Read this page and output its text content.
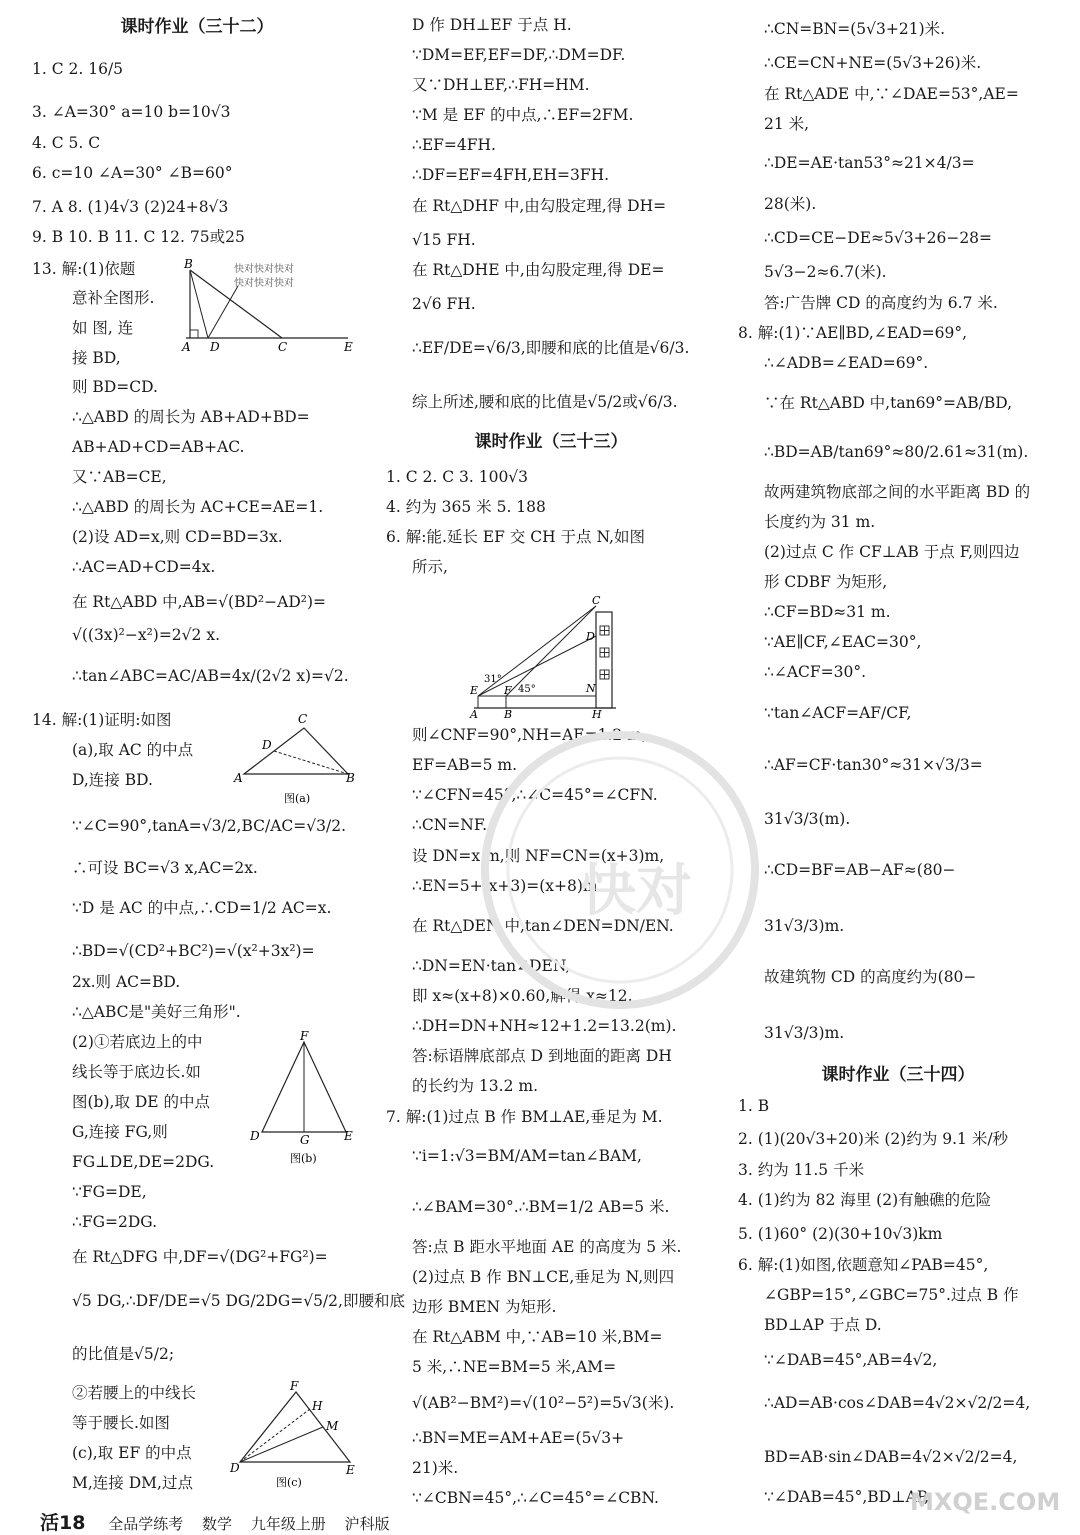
课时作业（三十二）
1. C 2. 16/5
3. ∠A=30° a=10 b=10√3
4. C 5. C
6. c=10 ∠A=30° ∠B=60°
7. A 8. (1)4√3 (2)24+8√3
9. B 10. B 11. C 12. 75或25
13. 解:(1)依题
意补全图形.
如 图, 连
接 BD,
则 BD=CD.
∴△ABD 的周长为 AB+AD+BD=
AB+AD+CD=AB+AC.
又∵AB=CE,
∴△ABD 的周长为 AC+CE=AE=1.
(2)设 AD=x,则 CD=BD=3x.
∴AC=AD+CD=4x.
在 Rt△ABD 中,AB=√(BD²−AD²)=
√((3x)²−x²)=2√2 x.
∴tan∠ABC=AC/AB=4x/(2√2 x)=√2.
14. 解:(1)证明:如图
(a),取 AC 的中点
D,连接 BD.
∵∠C=90°,tanA=√3/2,BC/AC=√3/2.
∴可设 BC=√3 x,AC=2x.
∵D 是 AC 的中点,∴CD=1/2 AC=x.
∴BD=√(CD²+BC²)=√(x²+3x²)=
2x.则 AC=BD.
∴△ABC是"美好三角形".
(2)①若底边上的中
线长等于底边长.如
图(b),取 DE 的中点
G,连接 FG,则
FG⊥DE,DE=2DG.
∵FG=DE,
∴FG=2DG.
在 Rt△DFG 中,DF=√(DG²+FG²)=
√5 DG,∴DF/DE=√5 DG/2DG=√5/2,即腰和底
的比值是√5/2;
②若腰上的中线长
等于腰长.如图
(c),取 EF 的中点
M,连接 DM,过点
D 作 DH⊥EF 于点 H.
∵DM=EF,EF=DF,∴DM=DF.
又∵DH⊥EF,∴FH=HM.
∵M 是 EF 的中点,∴EF=2FM.
∴EF=4FH.
∴DF=EF=4FH,EH=3FH.
在 Rt△DHF 中,由勾股定理,得 DH=
√15 FH.
在 Rt△DHE 中,由勾股定理,得 DE=
2√6 FH.
∴EF/DE=√6/3,即腰和底的比值是√6/3.
综上所述,腰和底的比值是√5/2或√6/3.
课时作业（三十三）
1. C 2. C 3. 100√3
4. 约为 365 米 5. 188
6. 解:能.延长 EF 交 CH 于点 N,如图
所示,
则∠CNF=90°,NH=AE=1.2 m,
EF=AB=5 m.
∵∠CFN=45°,∴∠C=45°=∠CFN.
∴CN=NF.
设 DN=x m,则 NF=CN=(x+3)m,
∴EN=5+(x+3)=(x+8)m.
在 Rt△DEN 中,tan∠DEN=DN/EN.
∴DN=EN·tan∠DEN,
即 x≈(x+8)×0.60,解得 x≈12.
∴DH=DN+NH≈12+1.2=13.2(m).
答:标语牌底部点 D 到地面的距离 DH
的长约为 13.2 m.
7. 解:(1)过点 B 作 BM⊥AE,垂足为 M.
∵i=1:√3=BM/AM=tan∠BAM,
∴∠BAM=30°.∴BM=1/2 AB=5 米.
答:点 B 距水平地面 AE 的高度为 5 米.
(2)过点 B 作 BN⊥CE,垂足为 N,则四
边形 BMEN 为矩形.
在 Rt△ABM 中,∵AB=10 米,BM=
5 米,∴NE=BM=5 米,AM=
√(AB²−BM²)=√(10²−5²)=5√3(米).
∴BN=ME=AM+AE=(5√3+
21)米.
∵∠CBN=45°,∴∠C=45°=∠CBN.
∴CN=BN=(5√3+21)米.
∴CE=CN+NE=(5√3+26)米.
在 Rt△ADE 中,∵∠DAE=53°,AE=
21 米,
∴DE=AE·tan53°≈21×4/3=
28(米).
∴CD=CE−DE≈5√3+26−28=
5√3−2≈6.7(米).
答:广告牌 CD 的高度约为 6.7 米.
8. 解:(1)∵AE∥BD,∠EAD=69°,
∴∠ADB=∠EAD=69°.
∵在 Rt△ABD 中,tan69°=AB/BD,
∴BD=AB/tan69°≈80/2.61≈31(m).
故两建筑物底部之间的水平距离 BD 的
长度约为 31 m.
(2)过点 C 作 CF⊥AB 于点 F,则四边
形 CDBF 为矩形,
∴CF=BD≈31 m.
∵AE∥CF,∠EAC=30°,
∴∠ACF=30°.
∵tan∠ACF=AF/CF,
∴AF=CF·tan30°≈31×√3/3=
31√3/3(m).
∴CD=BF=AB−AF≈(80−
31√3/3)m.
故建筑物 CD 的高度约为(80−
31√3/3)m.
课时作业（三十四）
1. B
2. (1)(20√3+20)米 (2)约为 9.1 米/秒
3. 约为 11.5 千米
4. (1)约为 82 海里 (2)有触礁的危险
5. (1)60° (2)(30+10√3)km
6. 解:(1)如图,依题意知∠PAB=45°,
∠GBP=15°,∠GBC=75°.过点 B 作
BD⊥AP 于点 D.
∵∠DAB=45°,AB=4√2,
∴AD=AB·cos∠DAB=4√2×√2/2=4,
BD=AB·sin∠DAB=4√2×√2/2=4,
∵∠DAB=45°,BD⊥AP,
B
A D	C	E
快对快对快对
快对快对快对
C
D
A	B
图(a)
F
D	G	E
图(b)
F
H
M
D	E
图(c)
C
D
N
E F
A B	H
31°
45°
快对
MXQE.COM
活18 全品学练考 数学 九年级上册 沪科版
